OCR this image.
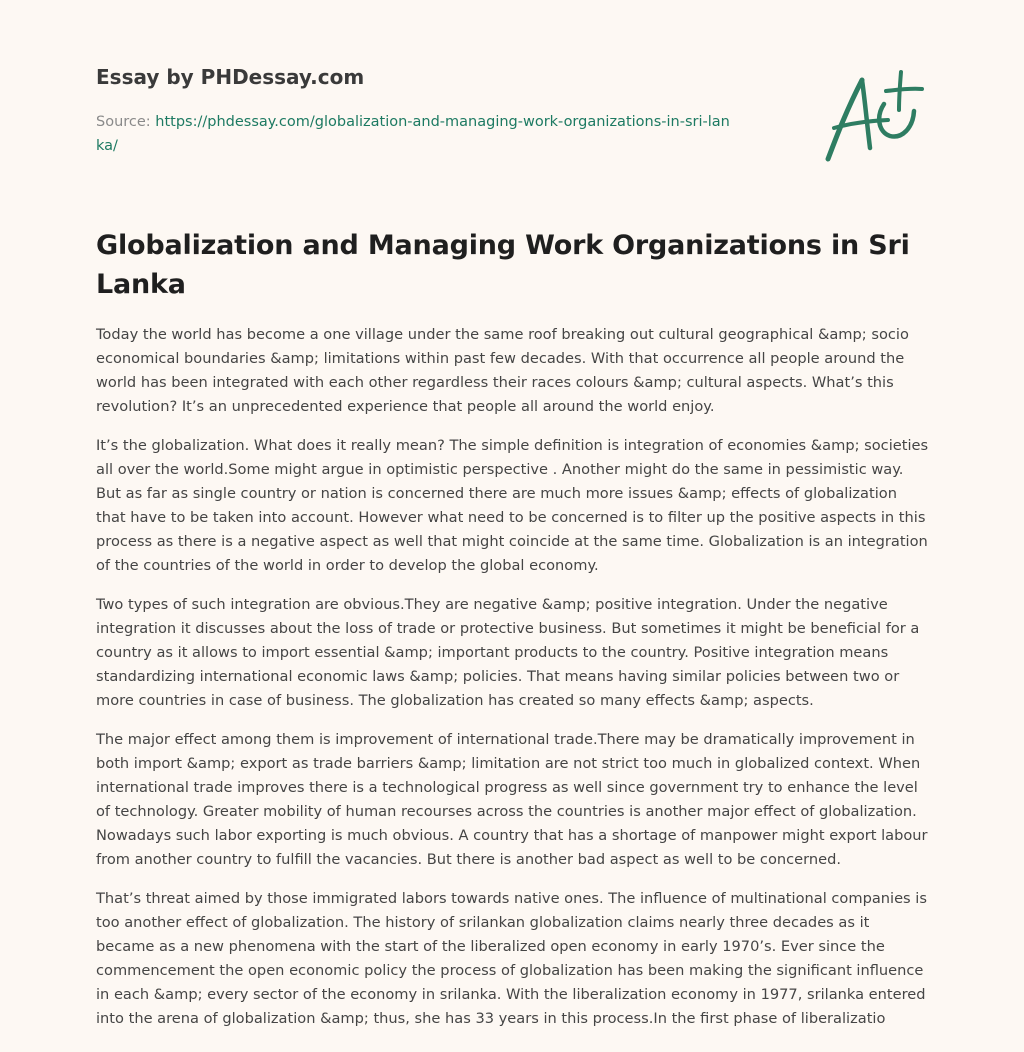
Essay by PHDessay.com
Source: https://phdessay.com/globalization-and-managing-work-organizations-in-sri-lanka/
Globalization and Managing Work Organizations in Sri Lanka

Today the world has become a one village under the same roof breaking out cultural geographical &amp; socio economical boundaries &amp; limitations within past few decades. With that occurrence all people around the world has been integrated with each other regardless their races colours &amp; cultural aspects. What’s this revolution? It’s an unprecedented experience that people all around the world enjoy.

It’s the globalization. What does it really mean? The simple definition is integration of economies &amp; societies all over the world.Some might argue in optimistic perspective . Another might do the same in pessimistic way. But as far as single country or nation is concerned there are much more issues &amp; effects of globalization that have to be taken into account. However what need to be concerned is to filter up the positive aspects in this process as there is a negative aspect as well that might coincide at the same time. Globalization is an integration of the countries of the world in order to develop the global economy.

Two types of such integration are obvious.They are negative &amp; positive integration. Under the negative integration it discusses about the loss of trade or protective business. But sometimes it might be beneficial for a country as it allows to import essential &amp; important products to the country. Positive integration means standardizing international economic laws &amp; policies. That means having similar policies between two or more countries in case of business. The globalization has created so many effects &amp; aspects.

The major effect among them is improvement of international trade.There may be dramatically improvement in both import &amp; export as trade barriers &amp; limitation are not strict too much in globalized context. When international trade improves there is a technological progress as well since government try to enhance the level of technology. Greater mobility of human recourses across the countries is another major effect of globalization. Nowadays such labor exporting is much obvious. A country that has a shortage of manpower might export labour from another country to fulfill the vacancies. But there is another bad aspect as well to be concerned.

That’s threat aimed by those immigrated labors towards native ones. The influence of multinational companies is too another effect of globalization. The history of srilankan globalization claims nearly three decades as it became as a new phenomena with the start of the liberalized open economy in early 1970’s. Ever since the commencement the open economic policy the process of globalization has been making the significant influence in each &amp; every sector of the economy in srilanka. With the liberalization economy in 1977, srilanka entered into the arena of globalization &amp; thus, she has 33 years in this process.In the first phase of liberalizatio
